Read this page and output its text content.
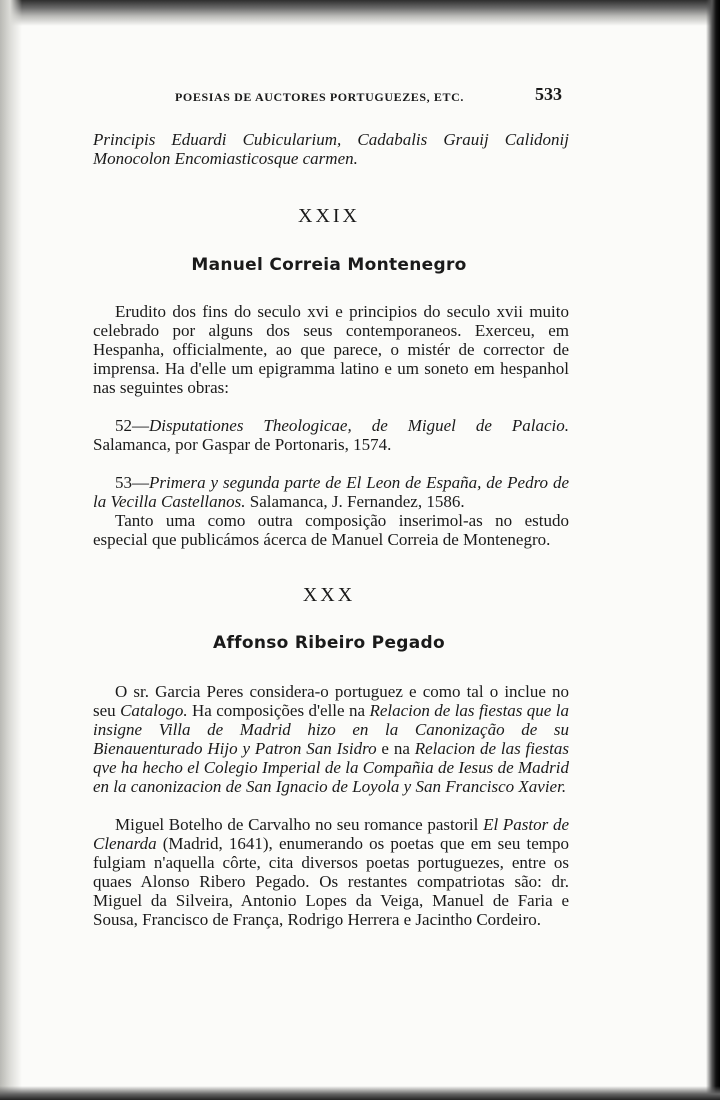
POESIAS DE AUCTORES PORTUGUEZES, ETC.	533
Principis Eduardi Cubicularium, Cadabalis Grauij Calidonij Monocolon Encomiasticosque carmen.
XXIX
Manuel Correia Montenegro
Erudito dos fins do seculo xvi e principios do seculo xvii muito celebrado por alguns dos seus contemporaneos. Exerceu, em Hespanha, officialmente, ao que parece, o mistér de corrector de imprensa. Ha d'elle um epigramma latino e um soneto em hespanhol nas seguintes obras:
52—Disputationes Theologicae, de Miguel de Palacio. Salamanca, por Gaspar de Portonaris, 1574.
53—Primera y segunda parte de El Leon de España, de Pedro de la Vecilla Castellanos. Salamanca, J. Fernandez, 1586.
Tanto uma como outra composição inserimol-as no estudo especial que publicámos ácerca de Manuel Correia de Montenegro.
XXX
Affonso Ribeiro Pegado
O sr. Garcia Peres considera-o portuguez e como tal o inclue no seu Catalogo. Ha composições d'elle na Relacion de las fiestas que la insigne Villa de Madrid hizo en la Canonização de su Bienauenturado Hijo y Patron San Isidro e na Relacion de las fiestas qve ha hecho el Colegio Imperial de la Compañia de Iesus de Madrid en la canonizacion de San Ignacio de Loyola y San Francisco Xavier.
Miguel Botelho de Carvalho no seu romance pastoril El Pastor de Clenarda (Madrid, 1641), enumerando os poetas que em seu tempo fulgiam n'aquella côrte, cita diversos poetas portuguezes, entre os quaes Alonso Ribero Pegado. Os restantes compatriotas são: dr. Miguel da Silveira, Antonio Lopes da Veiga, Manuel de Faria e Sousa, Francisco de França, Rodrigo Herrera e Jacintho Cordeiro.
